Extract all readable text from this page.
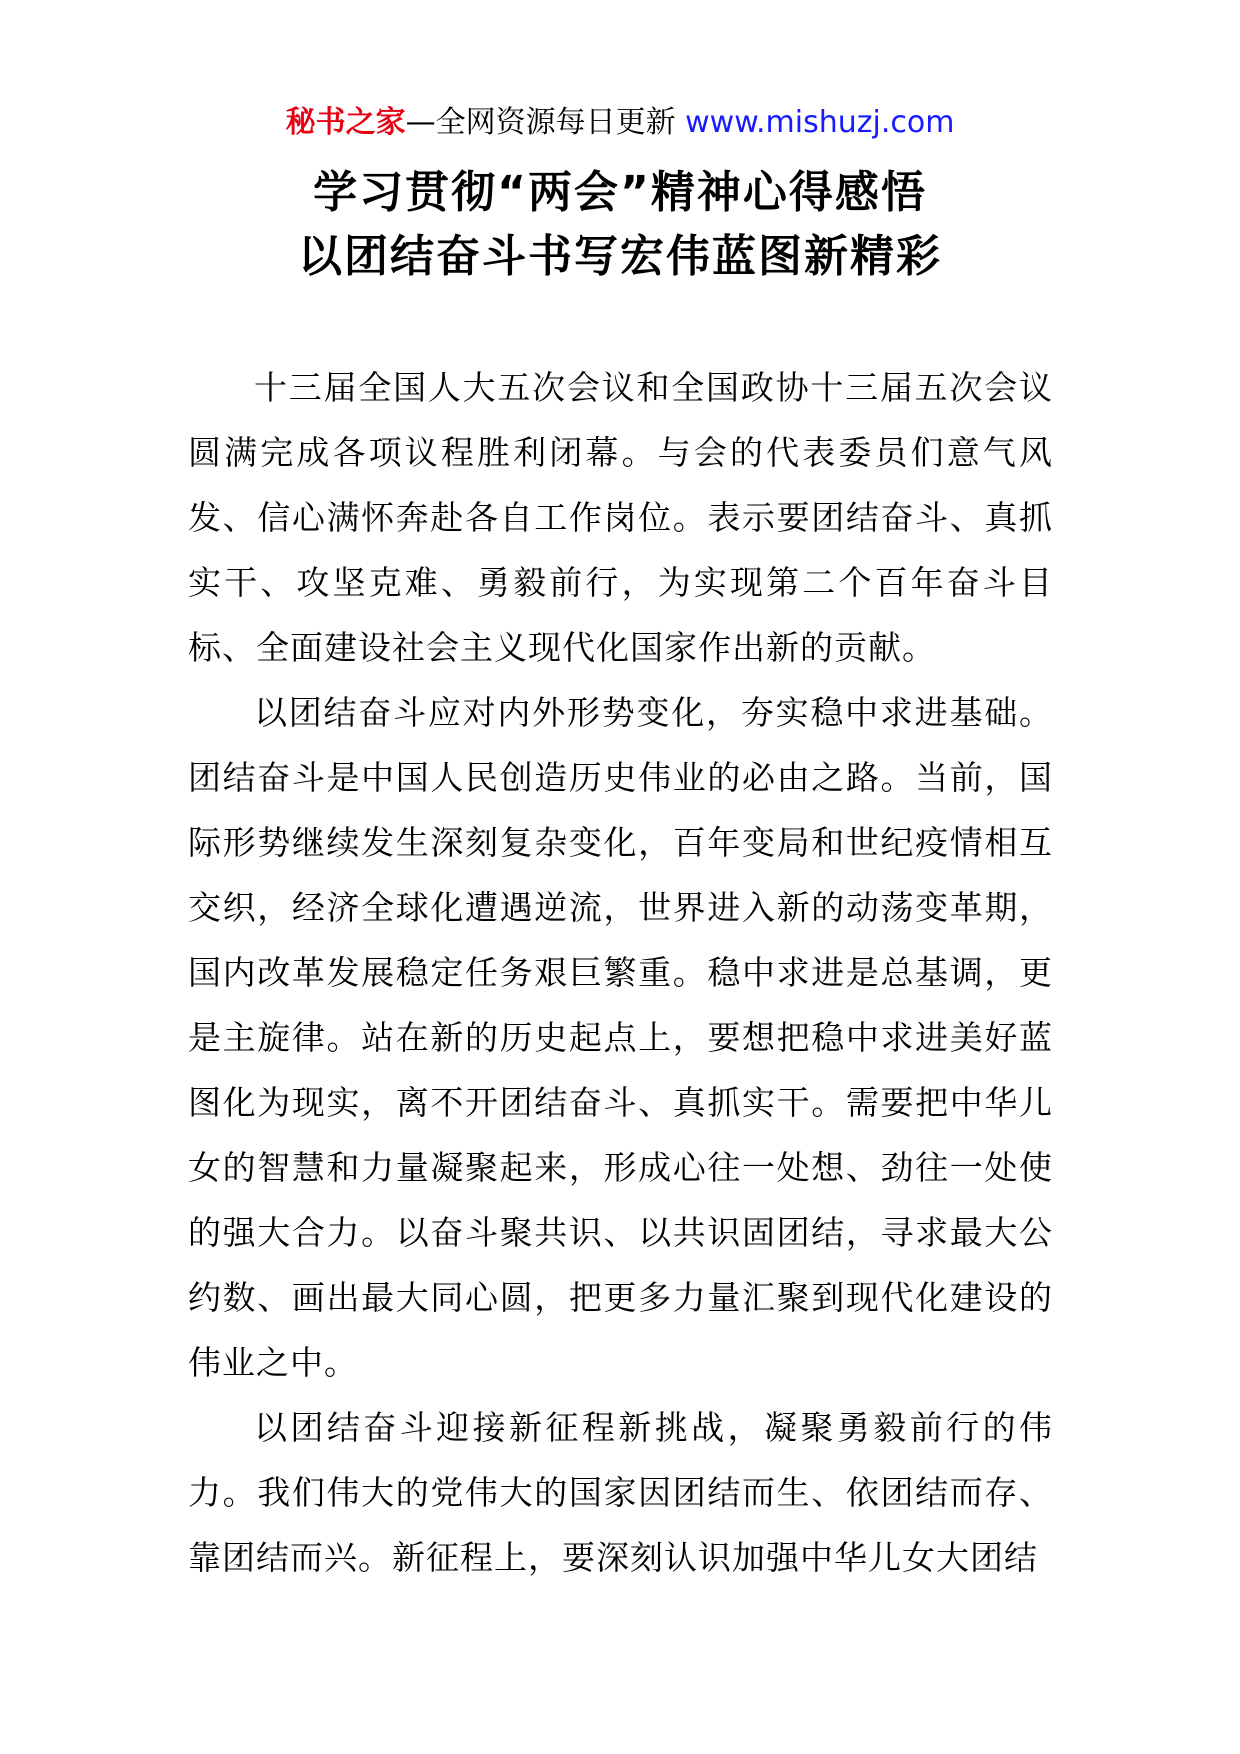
秘书之家—全网资源每日更新 www.mishuzj.com
学习贯彻“两会”精神心得感悟
以团结奋斗书写宏伟蓝图新精彩

十三届全国人大五次会议和全国政协十三届五次会议圆满完成各项议程胜利闭幕。与会的代表委员们意气风发、信心满怀奔赴各自工作岗位。表示要团结奋斗、真抓实干、攻坚克难、勇毅前行，为实现第二个百年奋斗目标、全面建设社会主义现代化国家作出新的贡献。

以团结奋斗应对内外形势变化，夯实稳中求进基础。团结奋斗是中国人民创造历史伟业的必由之路。当前，国际形势继续发生深刻复杂变化，百年变局和世纪疫情相互交织，经济全球化遭遇逆流，世界进入新的动荡变革期，国内改革发展稳定任务艰巨繁重。稳中求进是总基调，更是主旋律。站在新的历史起点上，要想把稳中求进美好蓝图化为现实，离不开团结奋斗、真抓实干。需要把中华儿女的智慧和力量凝聚起来，形成心往一处想、劲往一处使的强大合力。以奋斗聚共识、以共识固团结，寻求最大公约数、画出最大同心圆，把更多力量汇聚到现代化建设的伟业之中。

以团结奋斗迎接新征程新挑战，凝聚勇毅前行的伟力。我们伟大的党伟大的国家因团结而生、依团结而存、靠团结而兴。新征程上，要深刻认识加强中华儿女大团结
